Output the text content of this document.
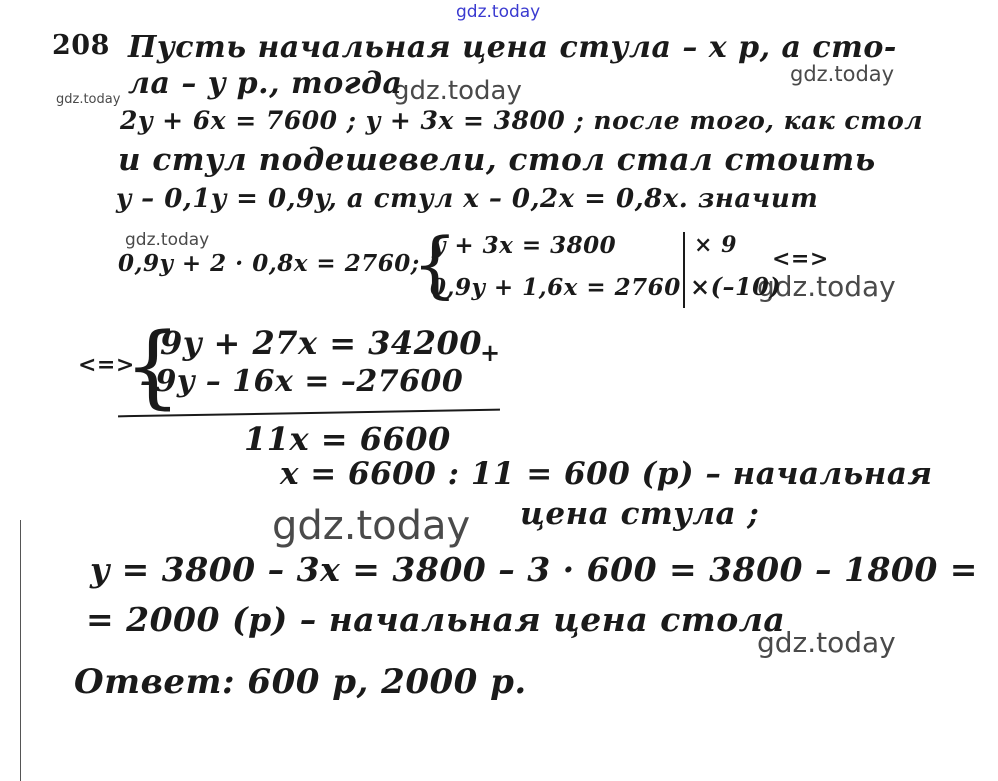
gdz.today
gdz.today
gdz.today
gdz.today
gdz.today
gdz.today
gdz.today
gdz.today
208 Пусть начальная цена стула – x р, а сто-
ла – y р., тогда
2y + 6x = 7600 ; y + 3x = 3800 ; после того, как стол
и стул подешевели, стол стал стоить
y – 0,1y = 0,9y, а стул x – 0,2x = 0,8x. значит
0,9y + 2 · 0,8x = 2760;
{
y + 3x = 3800
0,9y + 1,6x = 2760
× 9
×(–10)
<=>
<=>
{
9y + 27x = 34200
–9y – 16x = –27600
+
11x = 6600
x = 6600 : 11 = 600 (р) – начальная
цена стула ;
y = 3800 – 3x = 3800 – 3 · 600 = 3800 – 1800 =
= 2000 (р) – начальная цена стола
Ответ: 600 р, 2000 р.
